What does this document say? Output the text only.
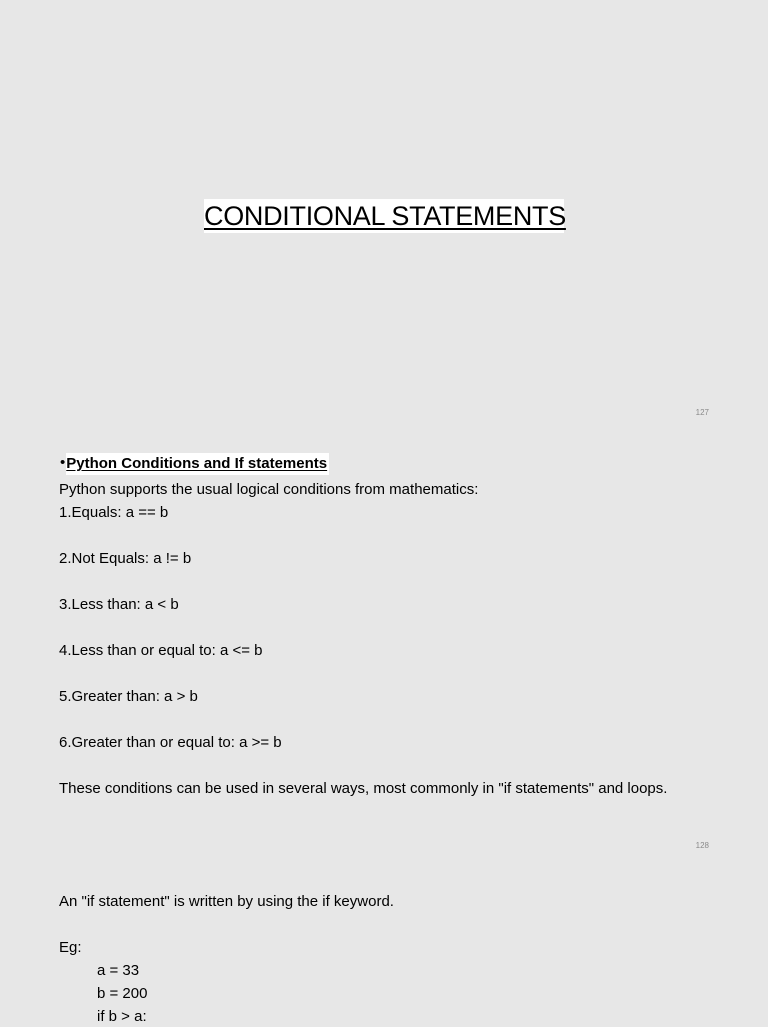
CONDITIONAL STATEMENTS
127
•Python Conditions and If statements
Python supports the usual logical conditions from mathematics:
1.Equals: a == b
2.Not Equals: a != b
3.Less than: a < b
4.Less than or equal to: a <= b
5.Greater than: a > b
6.Greater than or equal to: a >= b
These conditions can be used in several ways, most commonly in "if statements" and loops.
128
An "if statement" is written by using the if keyword.
Eg:
a = 33
b = 200
if b > a:
